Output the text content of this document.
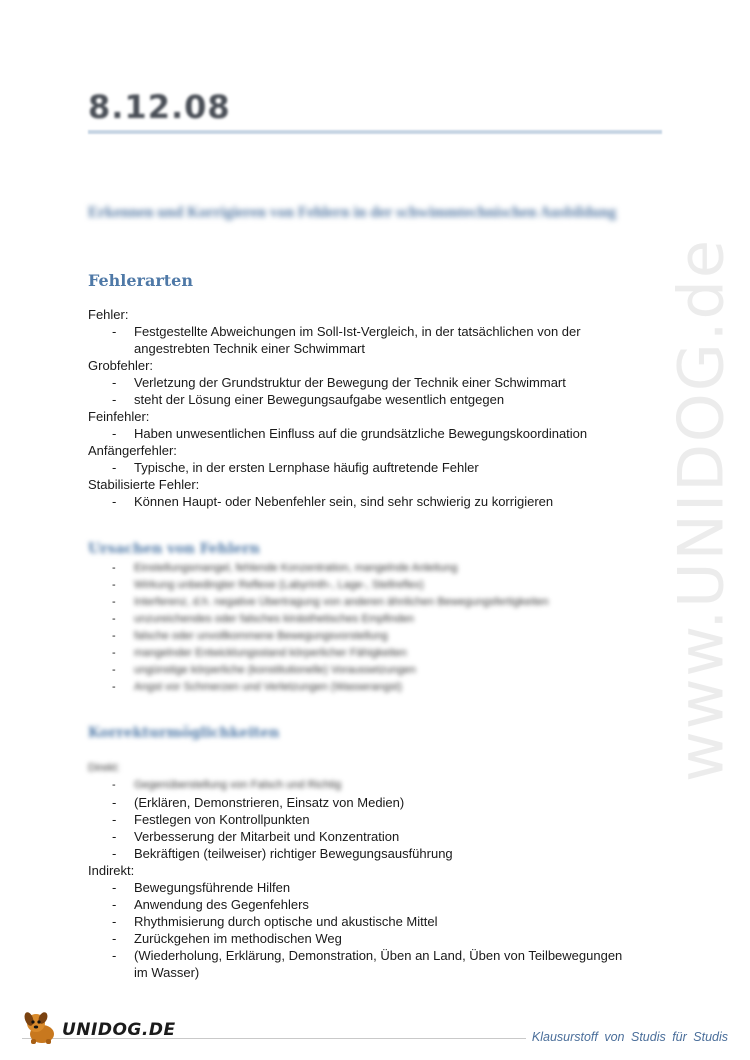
8.12.08
Erkennen und Korrigieren von Fehlern in der schwimmtechnischen Ausbildung
Fehlerarten

Fehler:

- Festgestellte Abweichungen im Soll-Ist-Vergleich, in der tatsächlichen von der angestrebten Technik einer Schwimmart

Grobfehler:

- Verletzung der Grundstruktur der Bewegung der Technik einer Schwimmart

- steht der Lösung einer Bewegungsaufgabe wesentlich entgegen

Feinfehler:

- Haben unwesentlichen Einfluss auf die grundsätzliche Bewegungskoordination

Anfängerfehler:

- Typische, in der ersten Lernphase häufig auftretende Fehler

Stabilisierte Fehler:

- Können Haupt- oder Nebenfehler sein, sind sehr schwierig zu korrigieren

Ursachen von Fehlern

- Einstellungsmangel, fehlende Konzentration, mangelnde Anleitung

- Wirkung unbedingter Reflexe (Labyrinth-, Lage-, Stellreflex)

- Interferenz, d.h. negative Übertragung von anderen ähnlichen Bewegungsfertigkeiten

- unzureichendes oder falsches kinästhetisches Empfinden

- falsche oder unvollkommene Bewegungsvorstellung

- mangelnder Entwicklungsstand körperlicher Fähigkeiten

- ungünstige körperliche (konstitutionelle) Voraussetzungen

- Angst vor Schmerzen und Verletzungen (Wasserangst)

Korrekturmöglichkeiten

Direkt:

- Gegenüberstellung von Falsch und Richtig

- (Erklären, Demonstrieren, Einsatz von Medien)

- Festlegen von Kontrollpunkten

- Verbesserung der Mitarbeit und Konzentration

- Bekräftigen (teilweiser) richtiger Bewegungsausführung

Indirekt:

- Bewegungsführende Hilfen

- Anwendung des Gegenfehlers

- Rhythmisierung durch optische und akustische Mittel

- Zurückgehen im methodischen Weg

- (Wiederholung, Erklärung, Demonstration, Üben an Land, Üben von Teilbewegungen im Wasser)

www.UNIDOG.de
UNIDOG.DE	Klausurstoff von Studis für Studis
